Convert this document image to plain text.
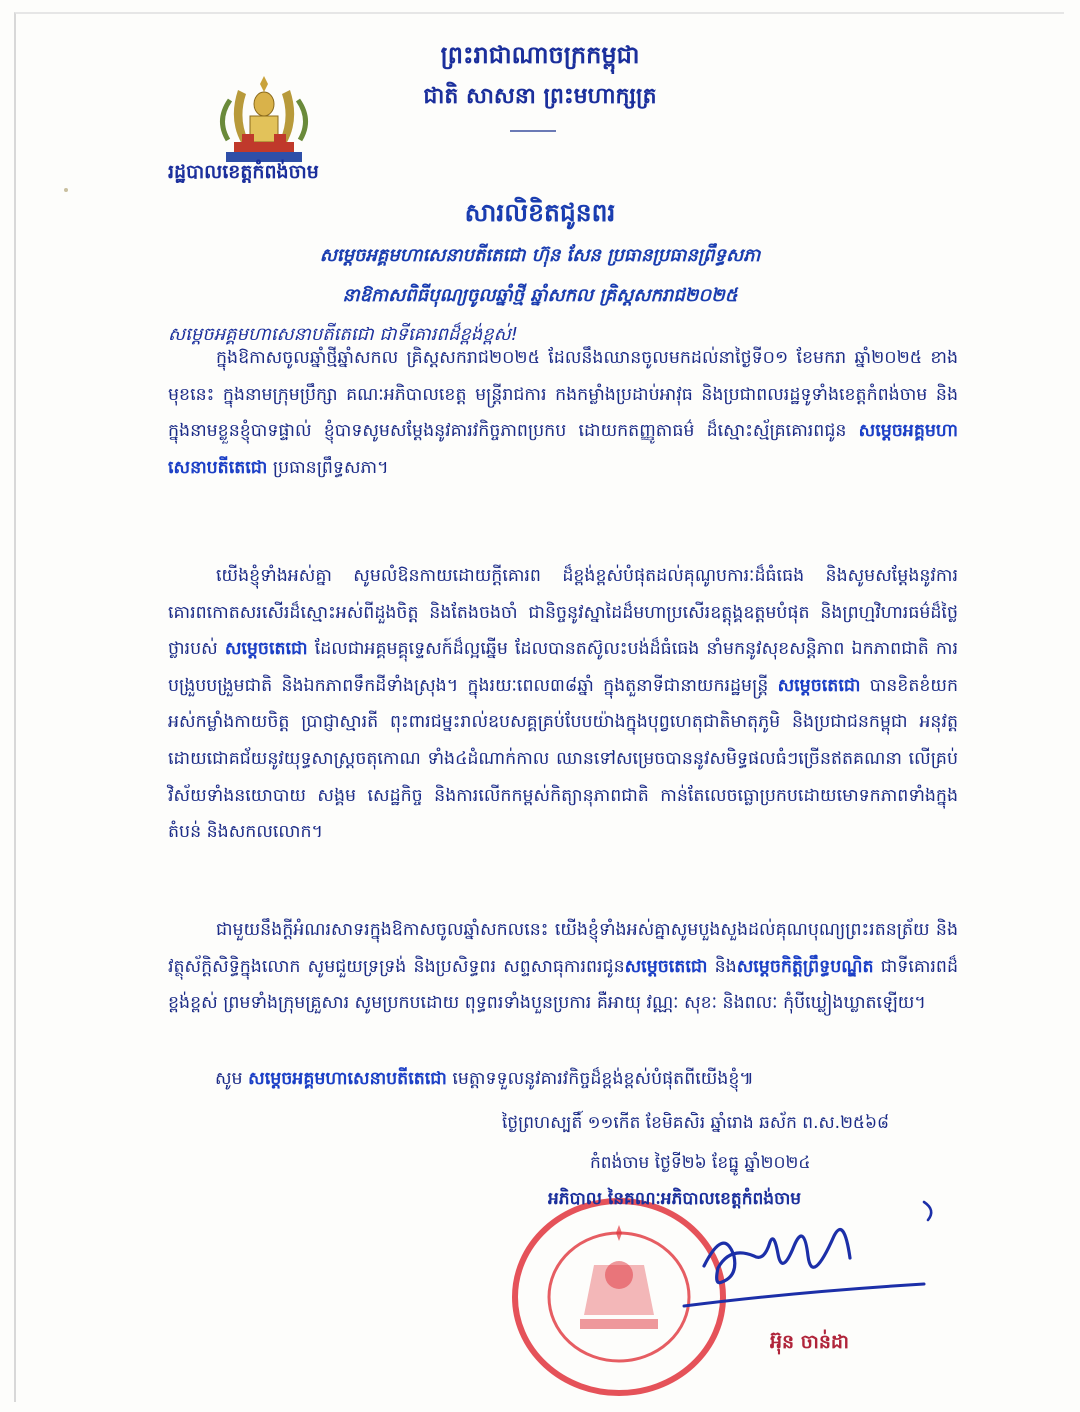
ព្រះរាជាណាចក្រកម្ពុជា
ជាតិ សាសនា ព្រះមហាក្សត្រ
រដ្ឋបាលខេត្តកំពង់ចាម
សារលិខិតជូនពរ
សម្តេចអគ្គមហាសេនាបតីតេជោ ហ៊ុន សែន ប្រធានប្រធានព្រឹទ្ធសភា
នាឱកាសពិធីបុណ្យចូលឆ្នាំថ្មី ឆ្នាំសកល គ្រិស្តសករាជ២០២៥
សម្តេចអគ្គមហាសេនាបតីតេជោ ជាទីគោរពដ៏ខ្ពង់ខ្ពស់!

ក្នុងឱកាសចូលឆ្នាំថ្មីឆ្នាំសកល គ្រិស្តសករាជ២០២៥ ដែលនឹងឈានចូលមកដល់នាថ្ងៃទី០១ ខែមករា ឆ្នាំ២០២៥ ខាងមុខនេះ ក្នុងនាមក្រុមប្រឹក្សា គណៈអភិបាលខេត្ត មន្ត្រីរាជការ កងកម្លាំងប្រដាប់អាវុធ និងប្រជាពលរដ្ឋទូទាំងខេត្តកំពង់ចាម និងក្នុងនាមខ្លួនខ្ញុំបាទផ្ទាល់ ខ្ញុំបាទសូមសម្តែងនូវគារវកិច្ចភាពប្រកប ដោយកតញ្ញូតាធម៌ ដ៏ស្មោះស្ម័គ្រគោរពជូន សម្តេចអគ្គមហាសេនាបតីតេជោ ប្រធានព្រឹទ្ធសភា។

យើងខ្ញុំទាំងអស់គ្នា សូមលំឱនកាយដោយក្តីគោរព ដ៏ខ្ពង់ខ្ពស់បំផុតដល់គុណូបការៈដ៏ធំធេង និងសូមសម្តែងនូវការគោរពកោតសរសើរដ៏ស្មោះអស់ពីដួងចិត្ត និងតែងចងចាំ ជានិច្ចនូវស្នាដៃដ៏មហាប្រសើរឧត្តុង្គឧត្តមបំផុត និងព្រហ្មវិហារធម៌ដ៏ថ្លៃថ្លារបស់ សម្តេចតេជោ ដែលជាអគ្គមគ្គុទ្ទេសក៍ដ៏ល្អឆ្នើម ដែលបានតស៊ូលះបង់ដ៏ធំធេង នាំមកនូវសុខសន្តិភាព ឯកភាពជាតិ ការបង្រួបបង្រួមជាតិ និងឯកភាពទឹកដីទាំងស្រុង។ ក្នុងរយៈពេល៣៨ឆ្នាំ ក្នុងតួនាទីជានាយករដ្ឋមន្ត្រី សម្តេចតេជោ បានខិតខំយកអស់កម្លាំងកាយចិត្ត ប្រាជ្ញាស្មារតី ពុះពារជម្នះរាល់ឧបសគ្គគ្រប់បែបយ៉ាងក្នុងបុព្វហេតុជាតិមាតុភូមិ និងប្រជាជនកម្ពុជា អនុវត្តដោយជោគជ័យនូវយុទ្ធសាស្ត្រចតុកោណ ទាំង៤ដំណាក់កាល ឈានទៅសម្រេចបាននូវសមិទ្ធផលធំៗច្រើនឥតគណនា លើគ្រប់វិស័យទាំងនយោបាយ សង្គម សេដ្ឋកិច្ច និងការលើកកម្ពស់កិត្យានុភាពជាតិ កាន់តែលេចធ្លោប្រកបដោយមោទកភាពទាំងក្នុងតំបន់ និងសកលលោក។

ជាមួយនឹងក្តីអំណរសាទរក្នុងឱកាសចូលឆ្នាំសកលនេះ យើងខ្ញុំទាំងអស់គ្នាសូមបួងសួងដល់គុណបុណ្យព្រះរតនត្រ័យ និងវត្ថុស័ក្តិសិទ្ធិក្នុងលោក សូមជួយទ្រទ្រង់ និងប្រសិទ្ធពរ សព្ទសាធុការពរជូនសម្តេចតេជោ និងសម្តេចកិត្តិព្រឹទ្ធបណ្ឌិត ជាទីគោរពដ៏ខ្ពង់ខ្ពស់ ព្រមទាំងក្រុមគ្រួសារ សូមប្រកបដោយ ពុទ្ធពរទាំងបួនប្រការ គឺអាយុ វណ្ណៈ សុខៈ និងពលៈ កុំបីឃ្លៀងឃ្លាតឡើយ។

សូម សម្តេចអគ្គមហាសេនាបតីតេជោ មេត្តាទទួលនូវគារវកិច្ចដ៏ខ្ពង់ខ្ពស់បំផុតពីយើងខ្ញុំ៕
ថ្ងៃព្រហស្បតិ៍ ១១កើត ខែមិគសិរ ឆ្នាំរោង ឆស័ក ព.ស.២៥៦៨
កំពង់ចាម ថ្ងៃទី២៦ ខែធ្នូ ឆ្នាំ២០២៤
អភិបាល នៃគណៈអភិបាលខេត្តកំពង់ចាម
អ៊ុន ចាន់ដា
